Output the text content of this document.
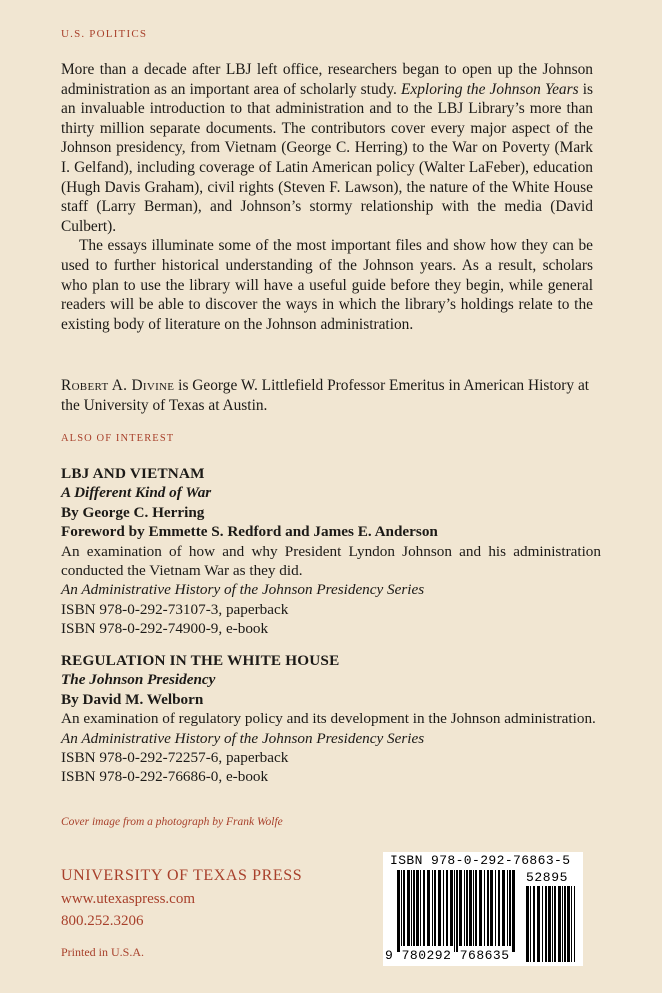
U.S. POLITICS

More than a decade after LBJ left office, researchers began to open up the Johnson administration as an important area of scholarly study. Exploring the Johnson Years is an invaluable introduction to that administration and to the LBJ Library’s more than thirty million separate documents. The contributors cover every major aspect of the Johnson presidency, from Vietnam (George C. Herring) to the War on Poverty (Mark I. Gelfand), including coverage of Latin American policy (Walter LaFeber), education (Hugh Davis Graham), civil rights (Steven F. Lawson), the nature of the White House staff (Larry Berman), and Johnson’s stormy relationship with the media (David Culbert).

The essays illuminate some of the most important files and show how they can be used to further historical understanding of the Johnson years. As a result, scholars who plan to use the library will have a useful guide before they begin, while general readers will be able to discover the ways in which the library’s holdings relate to the existing body of literature on the Johnson administration.

Robert A. Divine is George W. Littlefield Professor Emeritus in American History at the University of Texas at Austin.
ALSO OF INTEREST
LBJ AND VIETNAM
A Different Kind of War
By George C. Herring
Foreword by Emmette S. Redford and James E. Anderson
An examination of how and why President Lyndon Johnson and his administration conducted the Vietnam War as they did.
An Administrative History of the Johnson Presidency Series
ISBN 978-0-292-73107-3, paperback
ISBN 978-0-292-74900-9, e-book
REGULATION IN THE WHITE HOUSE
The Johnson Presidency
By David M. Welborn
An examination of regulatory policy and its development in the Johnson administration.
An Administrative History of the Johnson Presidency Series
ISBN 978-0-292-72257-6, paperback
ISBN 978-0-292-76686-0, e-book
Cover image from a photograph by Frank Wolfe
UNIVERSITY OF TEXAS PRESS
www.utexaspress.com
800.252.3206
Printed in U.S.A.
ISBN 978-0-292-76863-5
52895
9 780292 768635
